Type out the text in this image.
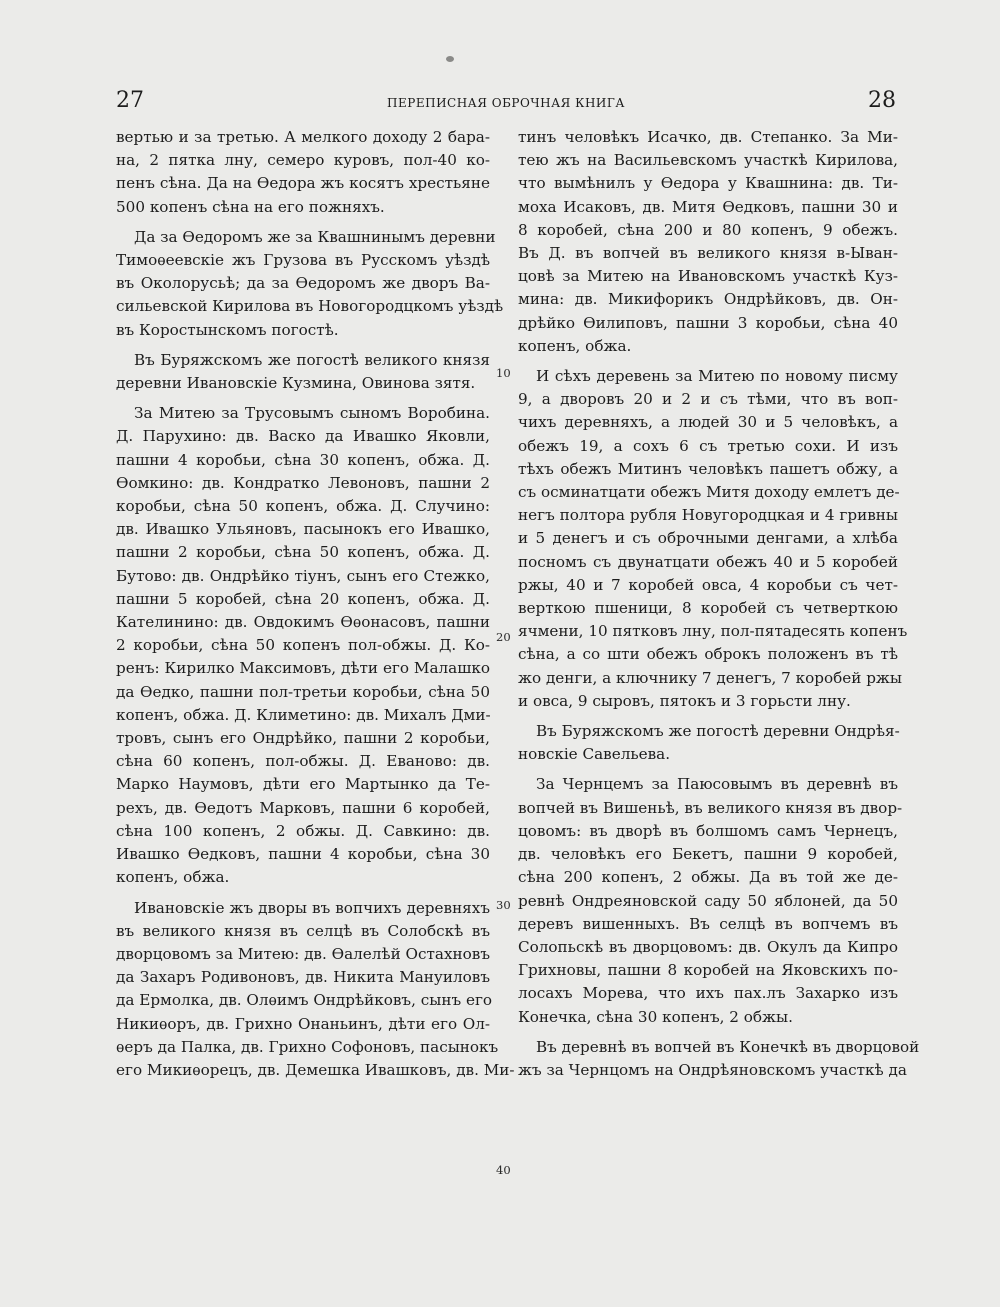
27	ПЕРЕПИСНАЯ ОБРОЧНАЯ КНИГА	28

вертью и за третью. А мелкого доходу 2 бара-
на, 2 пятка лну, семеро куровъ, пол-40 ко-
пенъ сѣна. Да на Ѳедора жъ косятъ хрестьяне
500 копенъ сѣна на его пожняхъ.

Да за Ѳедоромъ же за Квашнинымъ деревни
Тимоѳеевскiе жъ Грузова въ Русскомъ уѣздѣ
въ Околорусьѣ; да за Ѳедоромъ же дворъ Ва-
сильевской Кирилова въ Новогородцкомъ уѣздѣ
въ Коростынскомъ погостѣ.

Въ Буряжскомъ же погостѣ великого князя
деревни Ивановскiе Кузмина, Овинова зятя.

За Митею за Трусовымъ сыномъ Воробина.
Д. Парухино: дв. Васко да Ивашко Яковли,
пашни 4 коробьи, сѣна 30 копенъ, обжа. Д.
Ѳомкино: дв. Кондратко Левоновъ, пашни 2
коробьи, сѣна 50 копенъ, обжа. Д. Случино:
дв. Ивашко Ульяновъ, пасынокъ его Ивашко,
пашни 2 коробьи, сѣна 50 копенъ, обжа. Д.
Бутово: дв. Ондрѣйко тiунъ, сынъ его Стежко,
пашни 5 коробей, сѣна 20 копенъ, обжа. Д.
Кателинино: дв. Овдокимъ Ѳѳонасовъ, пашни
2 коробьи, сѣна 50 копенъ пол-обжы. Д. Ко-
ренъ: Кирилко Максимовъ, дѣти его Малашко
да Ѳедко, пашни пол-третьи коробьи, сѣна 50
копенъ, обжа. Д. Климетино: дв. Михалъ Дми-
тровъ, сынъ его Ондрѣйко, пашни 2 коробьи,
сѣна 60 копенъ, пол-обжы. Д. Еваново: дв.
Марко Наумовъ, дѣти его Мартынко да Те-
рехъ, дв. Ѳедотъ Марковъ, пашни 6 коробей,
сѣна 100 копенъ, 2 обжы. Д. Савкино: дв.
Ивашко Ѳедковъ, пашни 4 коробьи, сѣна 30
копенъ, обжа.

Ивановскiе жъ дворы въ вопчихъ деревняхъ
въ великого князя въ селцѣ въ Солобскѣ въ
дворцовомъ за Митею: дв. Ѳалелѣй Остахновъ
да Захаръ Родивоновъ, дв. Никита Мануиловъ
да Ермолка, дв. Олѳимъ Ондрѣйковъ, сынъ его
Никиѳоръ, дв. Грихно Онаньинъ, дѣти его Ол-
ѳеръ да Палка, дв. Грихно Софоновъ, пасынокъ
его Микиѳорецъ, дв. Демешка Ивашковъ, дв. Ми-

тинъ человѣкъ Исачко, дв. Степанко. За Ми-
тею жъ на Васильевскомъ участкѣ Кирилова,
что вымѣнилъ у Ѳедора у Квашнина: дв. Ти-
моха Исаковъ, дв. Митя Ѳедковъ, пашни 30 и
8 коробей, сѣна 200 и 80 копенъ, 9 обежъ.
Въ Д. въ вопчей въ великого князя в-Ыван-
цовѣ за Митею на Ивановскомъ участкѣ Куз-
мина: дв. Микифорикъ Ондрѣйковъ, дв. Он-
дрѣйко Ѳилиповъ, пашни 3 коробьи, сѣна 40
копенъ, обжа.

И сѣхъ деревень за Митею по новому писму
9, а дворовъ 20 и 2 и съ тѣми, что въ воп-
чихъ деревняхъ, а людей 30 и 5 человѣкъ, а
обежъ 19, а сохъ 6 съ третью сохи. И изъ
тѣхъ обежъ Митинъ человѣкъ пашетъ обжу, а
съ осминатцати обежъ Митя доходу емлетъ де-
негъ полтора рубля Новугородцкая и 4 гривны
и 5 денегъ и съ оброчными денгами, а хлѣба
посномъ съ двунатцати обежъ 40 и 5 коробей
ржы, 40 и 7 коробей овса, 4 коробьи съ чет-
верткою пшеници, 8 коробей съ четверткою
ячмени, 10 пятковъ лну, пол-пятадесять копенъ
сѣна, а со шти обежъ оброкъ положенъ въ тѣ
жо денги, а ключнику 7 денегъ, 7 коробей ржы
и овса, 9 сыровъ, пятокъ и 3 горьсти лну.

Въ Буряжскомъ же погостѣ деревни Ондрѣя-
новскiе Савельева.

За Чернцемъ за Паюсовымъ въ деревнѣ въ
вопчей въ Вишеньѣ, въ великого князя въ двор-
цовомъ: въ дворѣ въ болшомъ самъ Чернецъ,
дв. человѣкъ его Бекетъ, пашни 9 коробей,
сѣна 200 копенъ, 2 обжы. Да въ той же де-
ревнѣ Ондреяновской саду 50 яблоней, да 50
деревъ вишенныхъ. Въ селцѣ въ вопчемъ въ
Солопьскѣ въ дворцовомъ: дв. Окулъ да Кипро
Грихновы, пашни 8 коробей на Яковскихъ по-
лосахъ Морева, что ихъ пах.лъ Захарко изъ
Конечка, сѣна 30 копенъ, 2 обжы.

Въ деревнѣ въ вопчей въ Конечкѣ въ дворцовой
жъ за Чернцомъ на Ондрѣяновскомъ участкѣ да

10
20
30
40
